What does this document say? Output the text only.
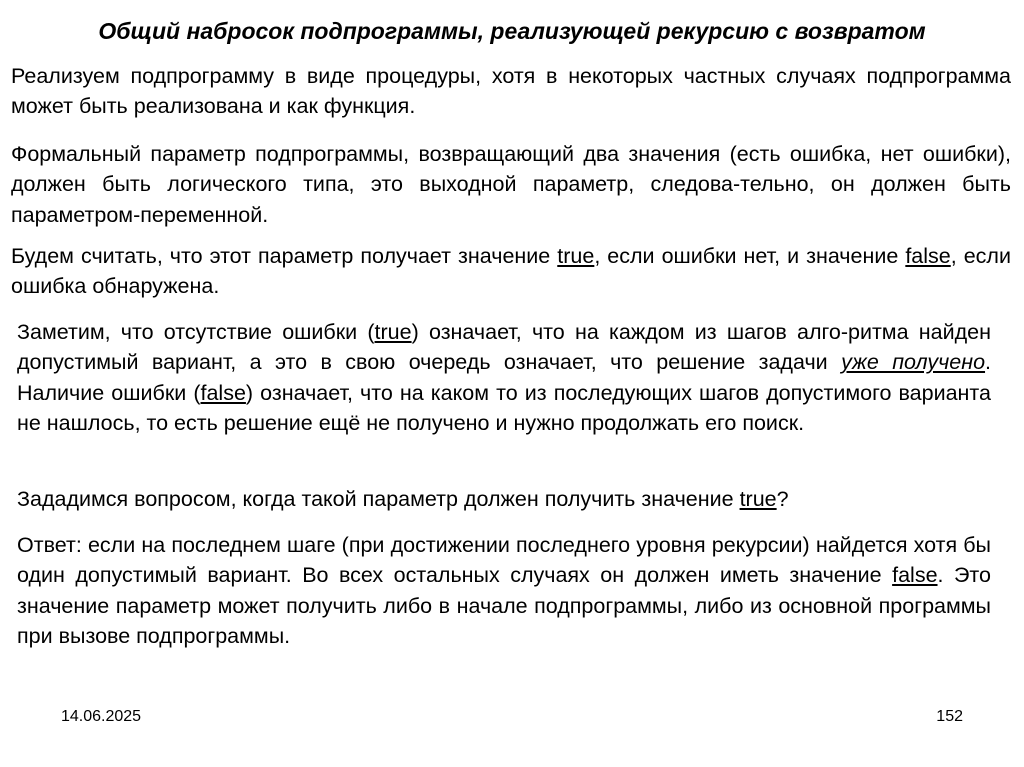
Общий набросок подпрограммы, реализующей рекурсию с возвратом

Реализуем подпрограмму в виде процедуры, хотя в некоторых частных случаях подпрограмма может быть реализована и как функция.

Формальный параметр подпрограммы, возвращающий два значения (есть ошибка, нет ошибки), должен быть логического типа, это выходной параметр, следова-тельно, он должен быть параметром-переменной.

Будем считать, что этот параметр получает значение true, если ошибки нет, и значение false, если ошибка обнаружена.

Заметим, что отсутствие ошибки (true) означает, что на каждом из шагов алго-ритма найден допустимый вариант, а это в свою очередь означает, что решение задачи уже получено. Наличие ошибки (false) означает, что на каком то из последующих шагов допустимого варианта не нашлось, то есть решение ещё не получено и нужно продолжать его поиск.

Зададимся вопросом, когда такой параметр должен получить значение true?

Ответ: если на последнем шаге (при достижении последнего уровня рекурсии) найдется хотя бы один допустимый вариант. Во всех остальных случаях он должен иметь значение false. Это значение параметр может получить либо в начале подпрограммы, либо из основной программы при вызове подпрограммы.

14.06.2025	152
